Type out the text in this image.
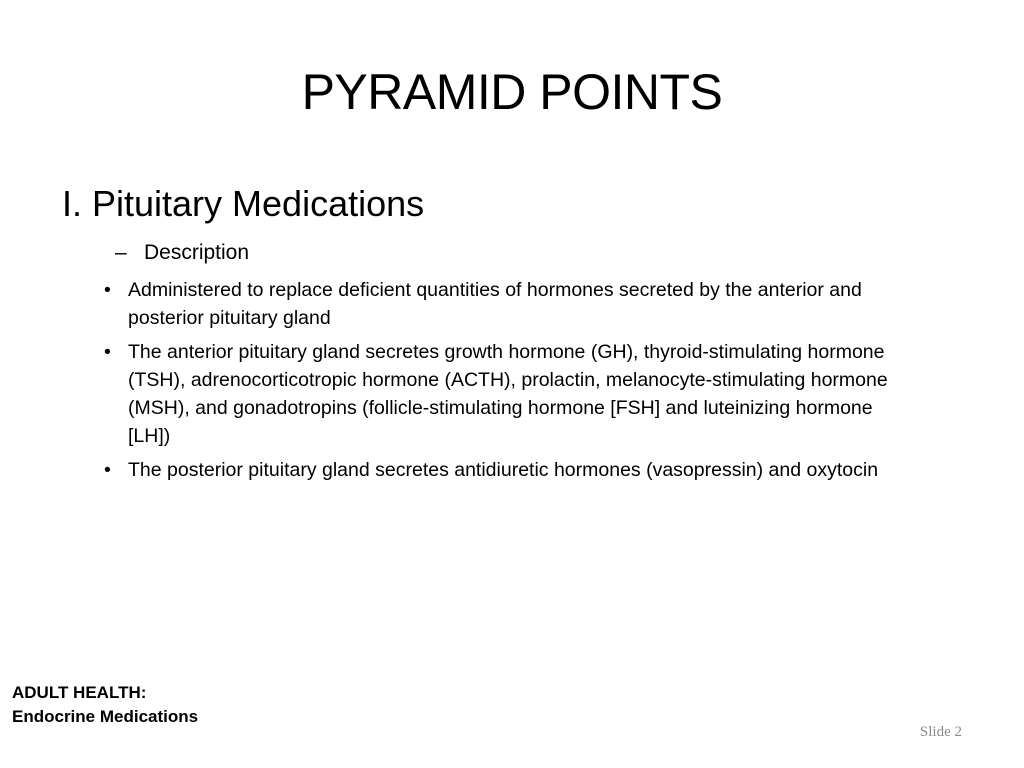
PYRAMID POINTS

I. Pituitary Medications

– Description
• Administered to replace deficient quantities of hormones secreted by the anterior and posterior pituitary gland
• The anterior pituitary gland secretes growth hormone (GH), thyroid-stimulating hormone (TSH), adrenocorticotropic hormone (ACTH), prolactin, melanocyte-stimulating hormone (MSH), and gonadotropins (follicle-stimulating hormone [FSH] and luteinizing hormone [LH])
• The posterior pituitary gland secretes antidiuretic hormones (vasopressin) and oxytocin
ADULT HEALTH:
Endocrine Medications
Slide 2
